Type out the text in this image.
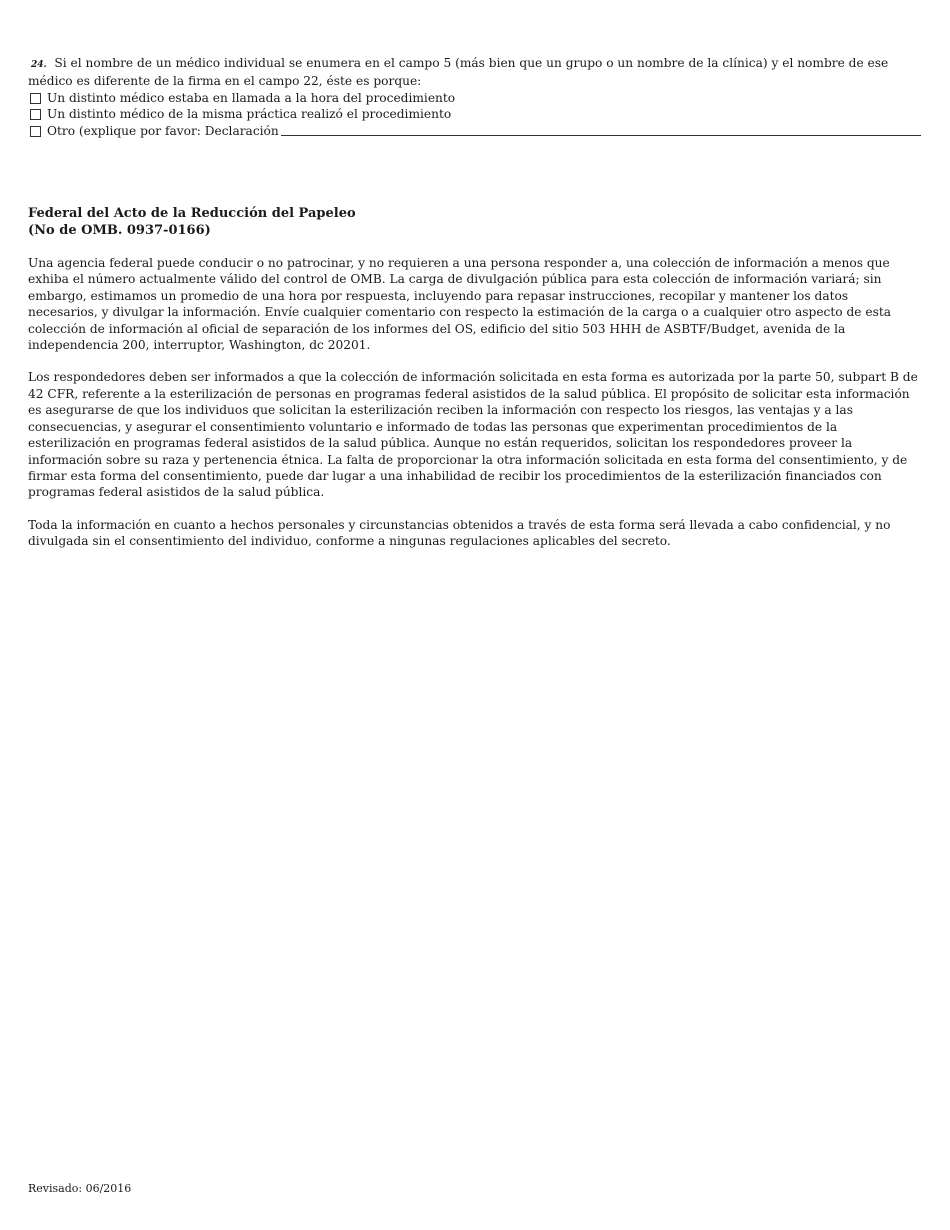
24. Si el nombre de un médico individual se enumera en el campo 5 (más bien que un grupo o un nombre de la clínica) y el nombre de ese médico es diferente de la firma en el campo 22, éste es porque:

Un distinto médico estaba en llamada a la hora del procedimiento
Un distinto médico de la misma práctica realizó el procedimiento
Otro (explique por favor: Declaración
Federal del Acto de la Reducción del Papeleo
(No de OMB. 0937-0166)

Una agencia federal puede conducir o no patrocinar, y no requieren a una persona responder a, una colección de información a menos que exhiba el número actualmente válido del control de OMB. La carga de divulgación pública para esta colección de información variará; sin embargo, estimamos un promedio de una hora por respuesta, incluyendo para repasar instrucciones, recopilar y mantener los datos necesarios, y divulgar la información. Envíe cualquier comentario con respecto la estimación de la carga o a cualquier otro aspecto de esta colección de información al oficial de separación de los informes del OS, edificio del sitio 503 HHH de ASBTF/Budget, avenida de la independencia 200, interruptor, Washington, dc 20201.

Los respondedores deben ser informados a que la colección de información solicitada en esta forma es autorizada por la parte 50, subpart B de 42 CFR, referente a la esterilización de personas en programas federal asistidos de la salud pública. El propósito de solicitar esta información es asegurarse de que los individuos que solicitan la esterilización reciben la información con respecto los riesgos, las ventajas y a las consecuencias, y asegurar el consentimiento voluntario e informado de todas las personas que experimentan procedimientos de la esterilización en programas federal asistidos de la salud pública. Aunque no están requeridos, solicitan los respondedores proveer la información sobre su raza y pertenencia étnica. La falta de proporcionar la otra información solicitada en esta forma del consentimiento, y de firmar esta forma del consentimiento, puede dar lugar a una inhabilidad de recibir los procedimientos de la esterilización financiados con programas federal asistidos de la salud pública.

Toda la información en cuanto a hechos personales y circunstancias obtenidos a través de esta forma será llevada a cabo confidencial, y no divulgada sin el consentimiento del individuo, conforme a ningunas regulaciones aplicables del secreto.

Revisado: 06/2016
